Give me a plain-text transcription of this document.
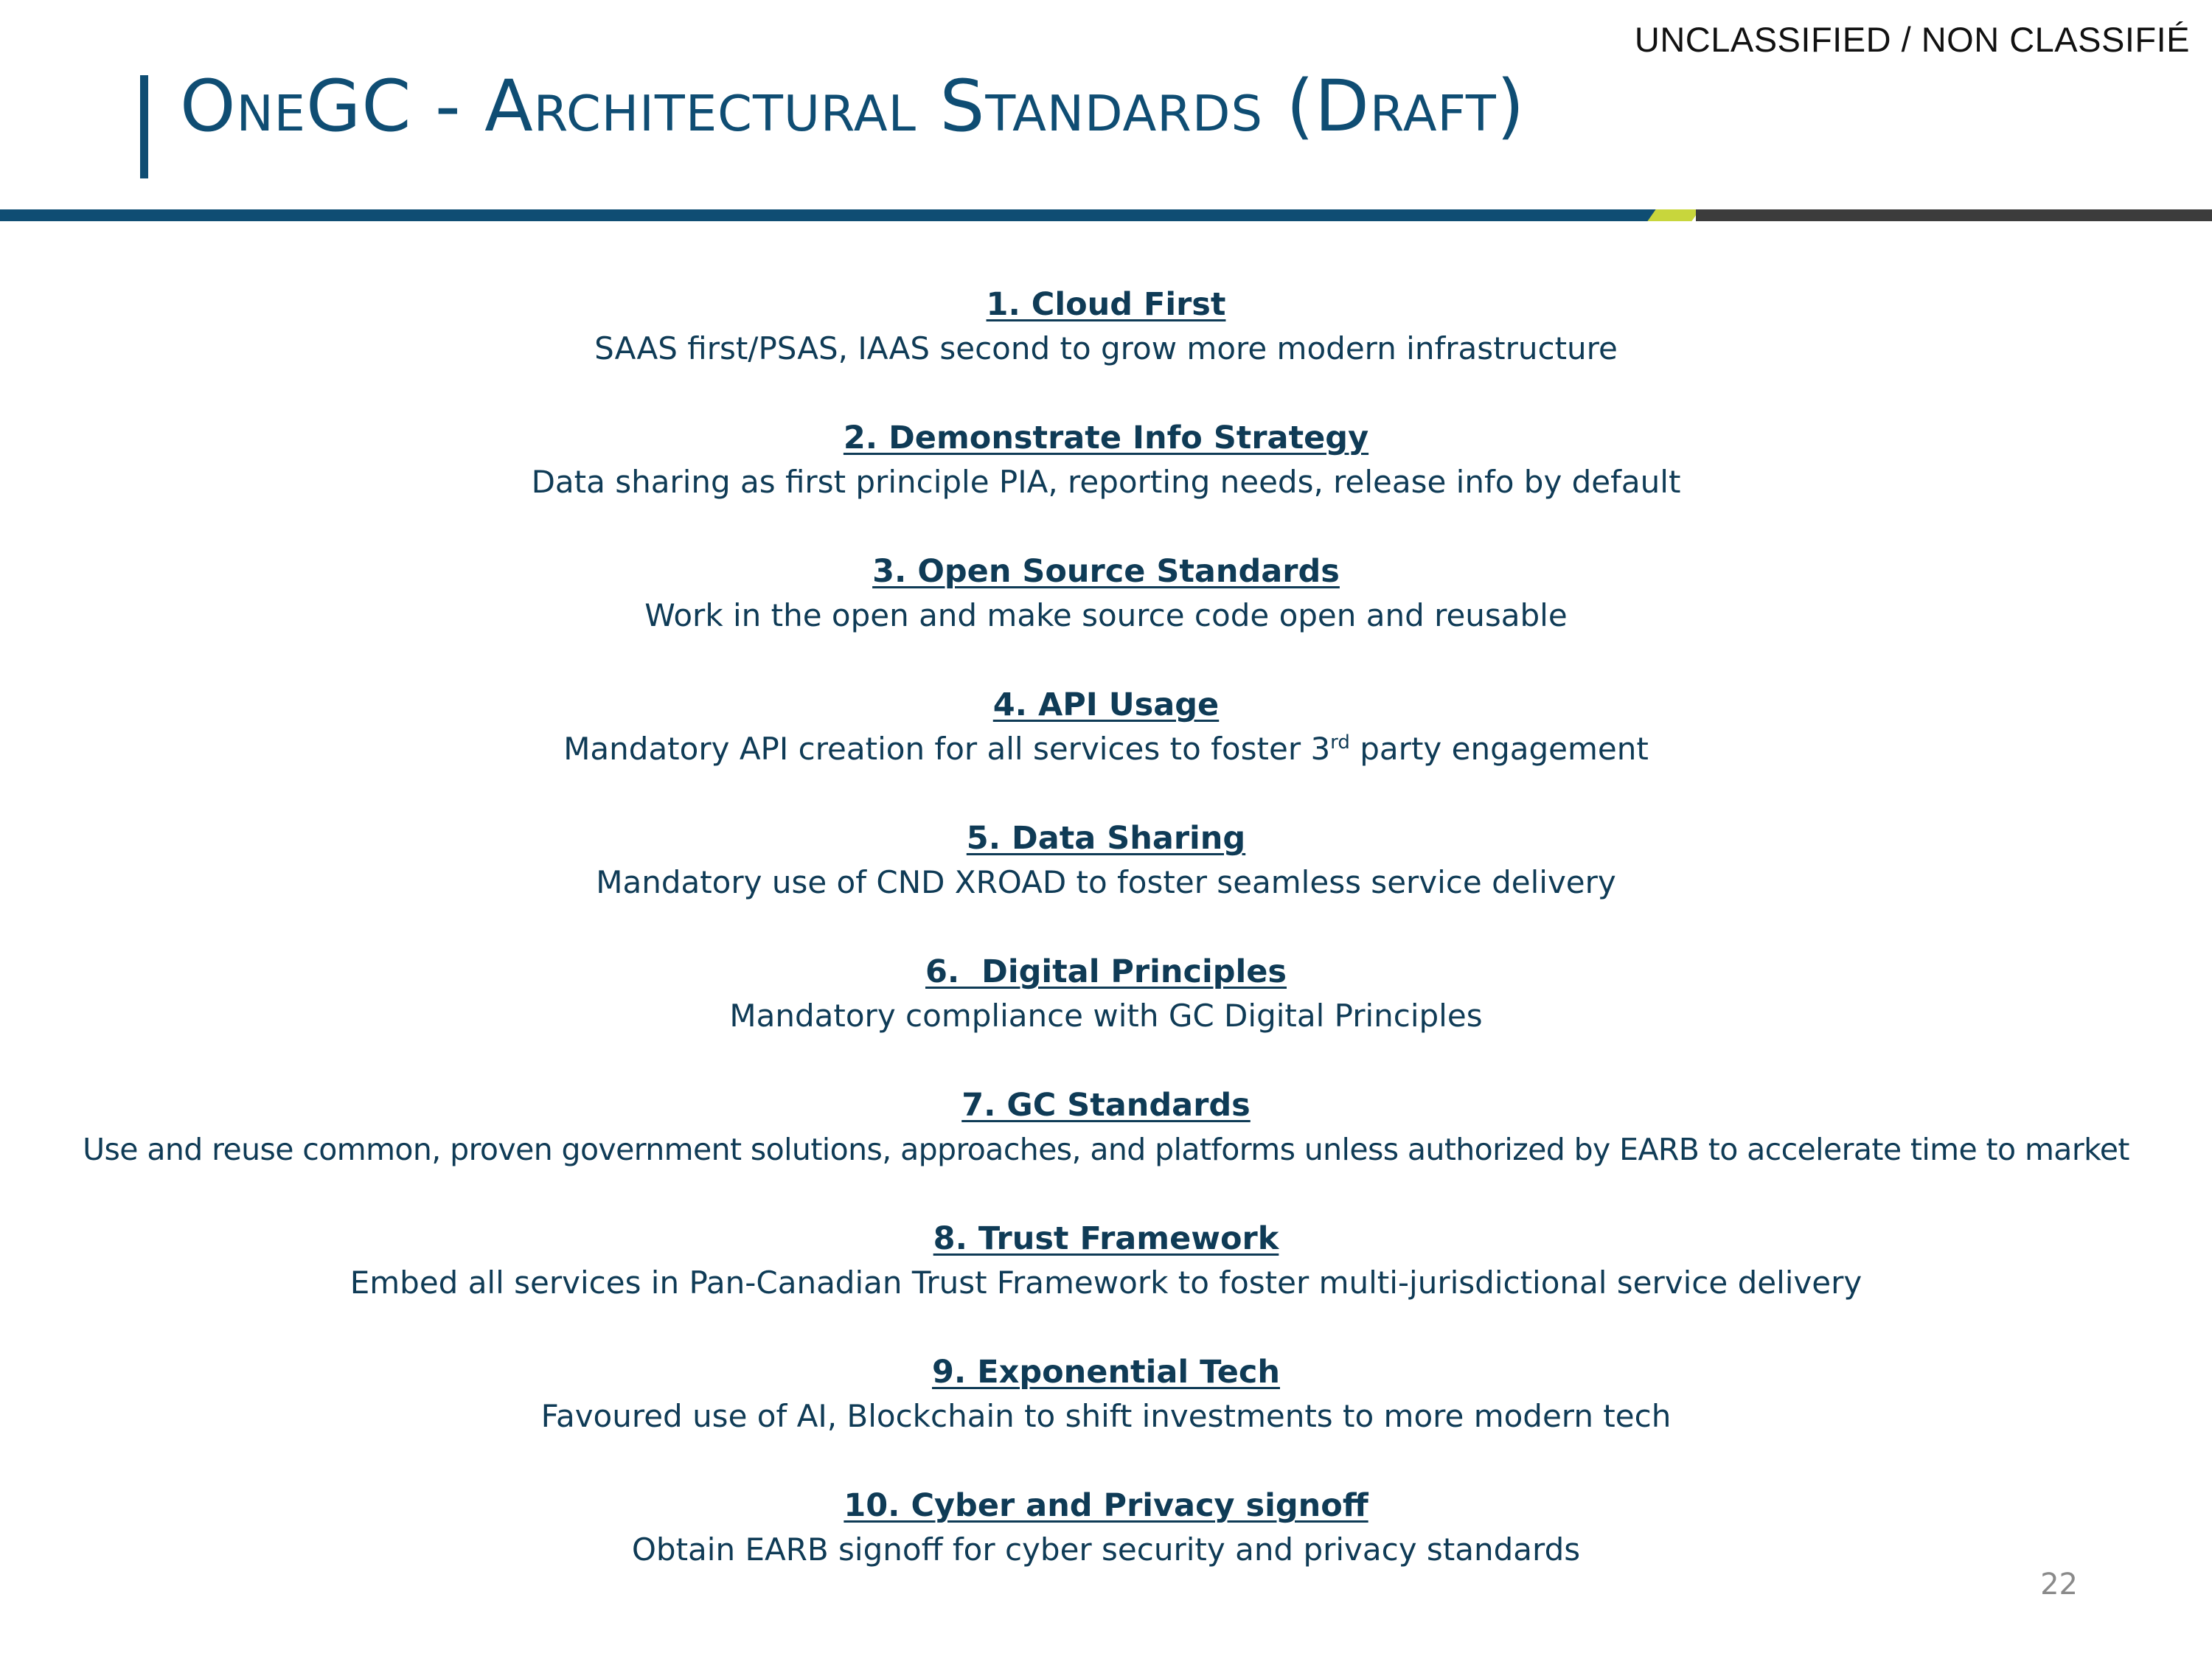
UNCLASSIFIED / NON CLASSIFIÉ
OneGC - Architectural Standards (Draft)
1. Cloud First
SAAS first/PSAS, IAAS second to grow more modern infrastructure
2. Demonstrate Info Strategy
Data sharing as first principle PIA, reporting needs, release info by default
3. Open Source Standards
Work in the open and make source code open and reusable
4. API Usage
Mandatory API creation for all services to foster 3rd party engagement
5. Data Sharing
Mandatory use of CND XROAD to foster seamless service delivery
6.  Digital Principles
Mandatory compliance with GC Digital Principles
7. GC Standards
Use and reuse common, proven government solutions, approaches, and platforms unless authorized by EARB to accelerate time to market
8. Trust Framework
Embed all services in Pan-Canadian Trust Framework to foster multi-jurisdictional service delivery
9. Exponential Tech
Favoured use of AI, Blockchain to shift investments to more modern tech
10. Cyber and Privacy signoff
Obtain EARB signoff for cyber security and privacy standards
22
